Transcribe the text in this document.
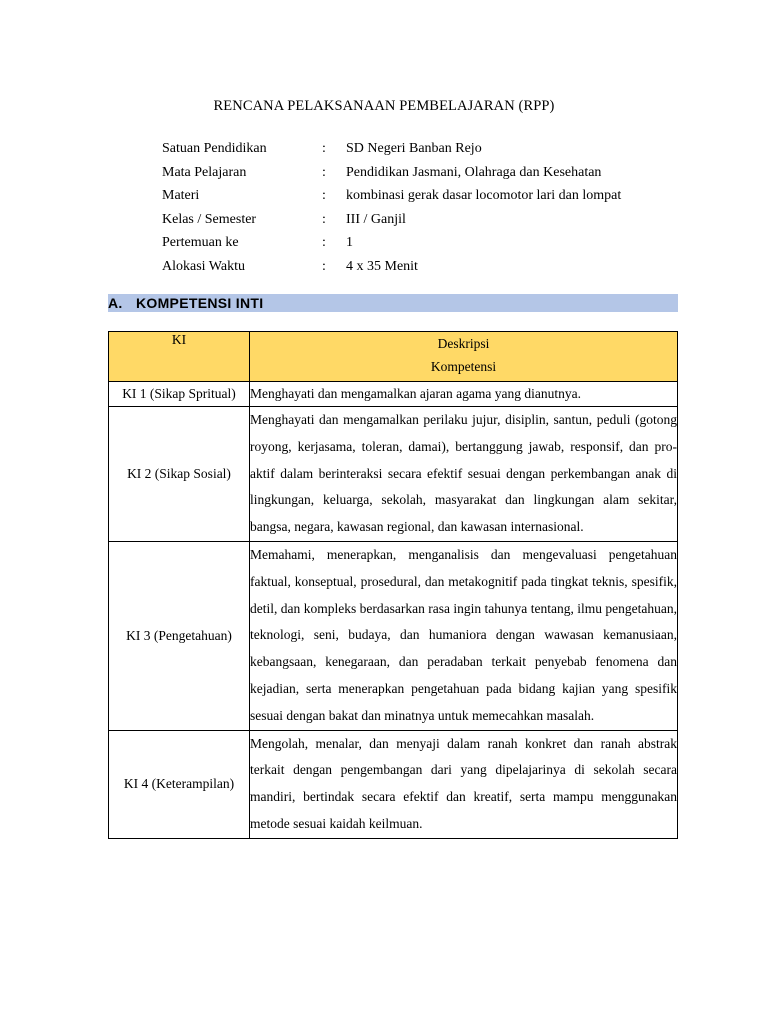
RENCANA PELAKSANAAN PEMBELAJARAN (RPP)
Satuan Pendidikan	:	SD Negeri Banban Rejo
Mata Pelajaran	:	Pendidikan Jasmani, Olahraga dan Kesehatan
Materi	:	kombinasi gerak dasar locomotor lari dan lompat
Kelas / Semester	:	III / Ganjil
Pertemuan ke	:	1
Alokasi Waktu	:	4 x 35 Menit
A. KOMPETENSI INTI
KI	Deskripsi
Kompetensi

KI 1 (Sikap Spritual)	Menghayati dan mengamalkan ajaran agama yang dianutnya.
KI 2 (Sikap Sosial)	Menghayati dan mengamalkan perilaku jujur, disiplin, santun, peduli (gotong royong, kerjasama, toleran, damai), bertanggung jawab, responsif, dan pro-aktif dalam berinteraksi secara efektif sesuai dengan perkembangan anak di lingkungan, keluarga, sekolah, masyarakat dan lingkungan alam sekitar, bangsa, negara, kawasan regional, dan kawasan internasional.
KI 3 (Pengetahuan)	Memahami, menerapkan, menganalisis dan mengevaluasi pengetahuan faktual, konseptual, prosedural, dan metakognitif pada tingkat teknis, spesifik, detil, dan kompleks berdasarkan rasa ingin tahunya tentang, ilmu pengetahuan, teknologi, seni, budaya, dan humaniora dengan wawasan kemanusiaan, kebangsaan, kenegaraan, dan peradaban terkait penyebab fenomena dan kejadian, serta menerapkan pengetahuan pada bidang kajian yang spesifik sesuai dengan bakat dan minatnya untuk memecahkan masalah.
KI 4 (Keterampilan)	Mengolah, menalar, dan menyaji dalam ranah konkret dan ranah abstrak terkait dengan pengembangan dari yang dipelajarinya di sekolah secara mandiri, bertindak secara efektif dan kreatif, serta mampu menggunakan metode sesuai kaidah keilmuan.
